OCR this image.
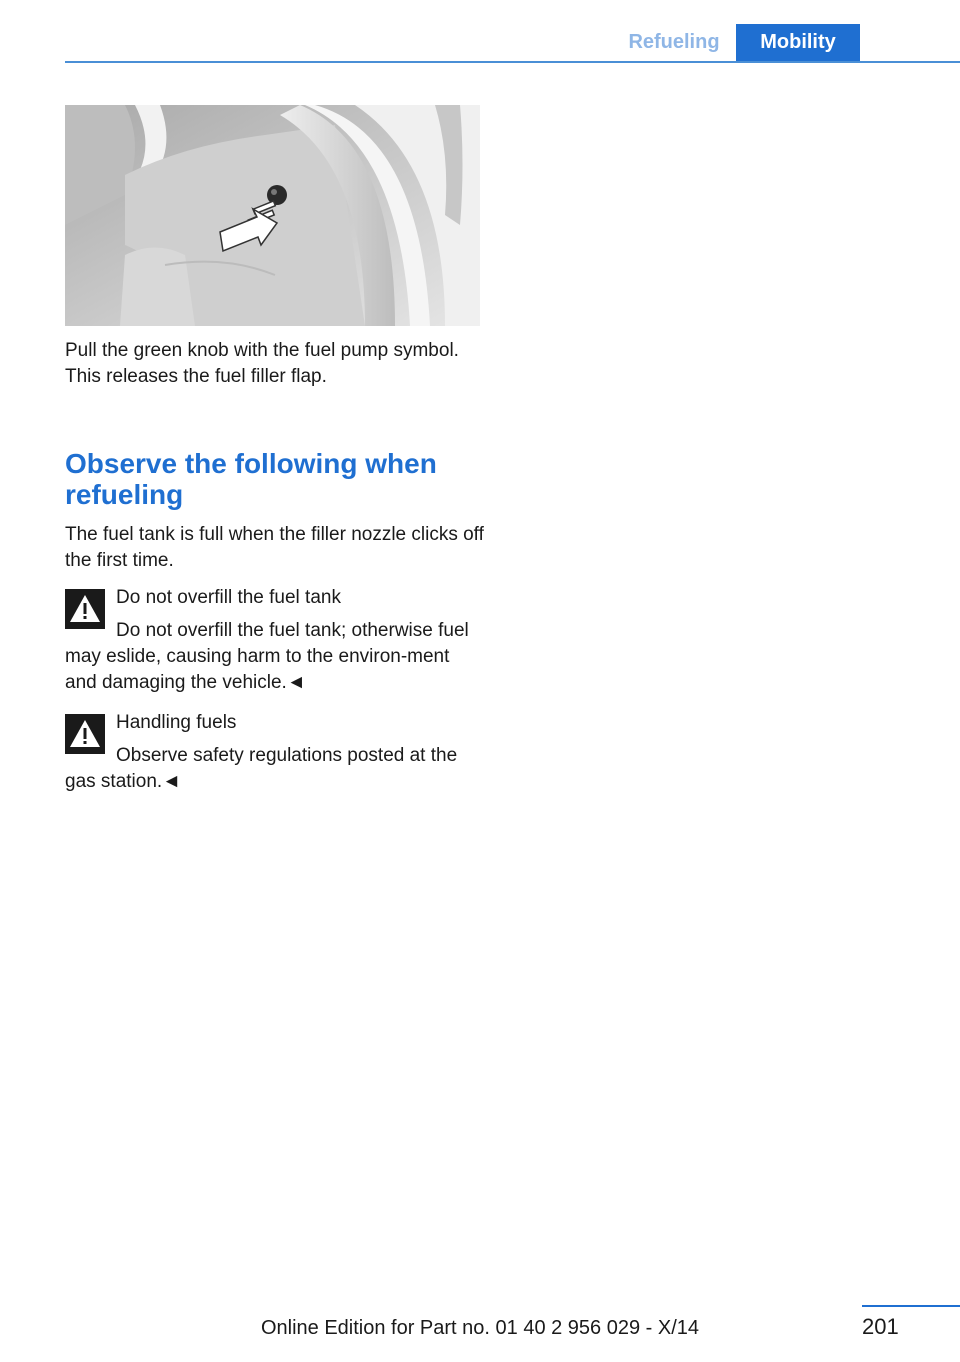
Refueling	Mobility
Pull the green knob with the fuel pump symbol. This releases the fuel filler flap.
Observe the following when refueling
The fuel tank is full when the filler nozzle clicks off the first time.
Do not overfill the fuel tank
Do not overfill the fuel tank; otherwise fuel may eslide, causing harm to the environ‐ment and damaging the vehicle.◄
Handling fuels
Observe safety regulations posted at the gas station.◄
201
Online Edition for Part no. 01 40 2 956 029 - X/14
